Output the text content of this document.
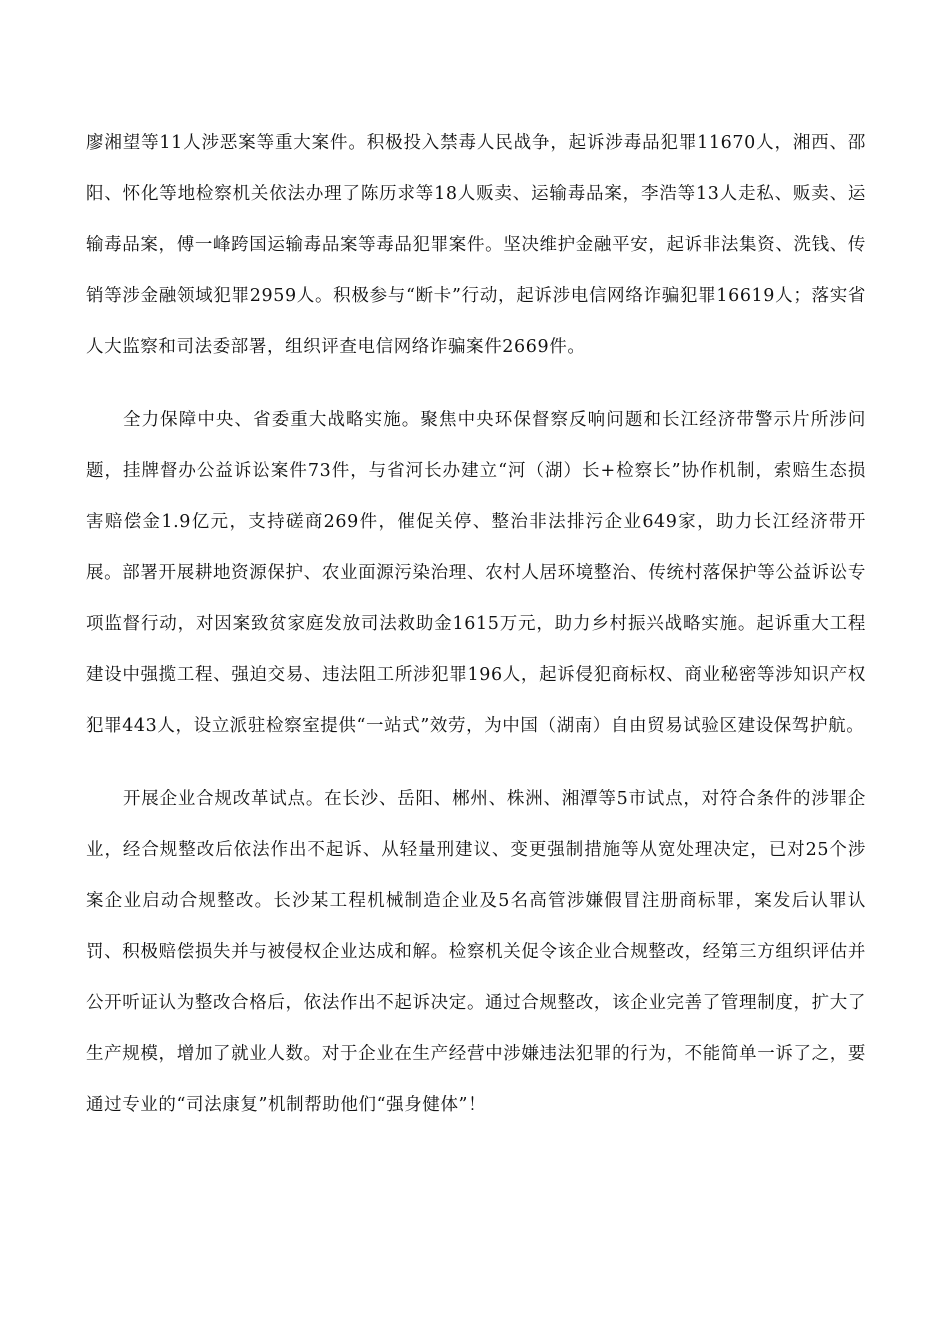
廖湘望等11人涉恶案等重大案件。积极投入禁毒人民战争，起诉涉毒品犯罪11670人，湘西、邵阳、怀化等地检察机关依法办理了陈历求等18人贩卖、运输毒品案，李浩等13人走私、贩卖、运输毒品案，傅一峰跨国运输毒品案等毒品犯罪案件。坚决维护金融平安，起诉非法集资、洗钱、传销等涉金融领域犯罪2959人。积极参与“断卡”行动，起诉涉电信网络诈骗犯罪16619人；落实省人大监察和司法委部署，组织评查电信网络诈骗案件2669件。

全力保障中央、省委重大战略实施。聚焦中央环保督察反响问题和长江经济带警示片所涉问题，挂牌督办公益诉讼案件73件，与省河长办建立“河（湖）长+检察长”协作机制，索赔生态损害赔偿金1.9亿元，支持磋商269件，催促关停、整治非法排污企业649家，助力长江经济带开展。部署开展耕地资源保护、农业面源污染治理、农村人居环境整治、传统村落保护等公益诉讼专项监督行动，对因案致贫家庭发放司法救助金1615万元，助力乡村振兴战略实施。起诉重大工程建设中强揽工程、强迫交易、违法阻工所涉犯罪196人，起诉侵犯商标权、商业秘密等涉知识产权犯罪443人，设立派驻检察室提供“一站式”效劳，为中国（湖南）自由贸易试验区建设保驾护航。

开展企业合规改革试点。在长沙、岳阳、郴州、株洲、湘潭等5市试点，对符合条件的涉罪企业，经合规整改后依法作出不起诉、从轻量刑建议、变更强制措施等从宽处理决定，已对25个涉案企业启动合规整改。长沙某工程机械制造企业及5名高管涉嫌假冒注册商标罪，案发后认罪认罚、积极赔偿损失并与被侵权企业达成和解。检察机关促令该企业合规整改，经第三方组织评估并公开听证认为整改合格后，依法作出不起诉决定。通过合规整改，该企业完善了管理制度，扩大了生产规模，增加了就业人数。对于企业在生产经营中涉嫌违法犯罪的行为，不能简单一诉了之，要通过专业的“司法康复”机制帮助他们“强身健体”！
